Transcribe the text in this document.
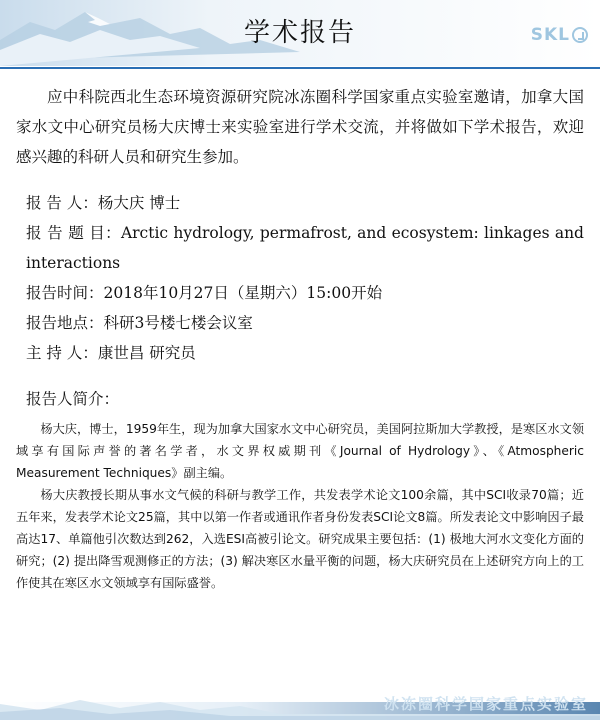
学术报告	SKL

应中科院西北生态环境资源研究院冰冻圈科学国家重点实验室邀请，加拿大国家水文中心研究员杨大庆博士来实验室进行学术交流，并将做如下学术报告，欢迎感兴趣的科研人员和研究生参加。

报 告 人：杨大庆 博士
报 告 题 目：Arctic hydrology, permafrost, and ecosystem: linkages and interactions
报告时间：2018年10月27日（星期六）15:00开始
报告地点：科研3号楼七楼会议室
主 持 人：康世昌 研究员
报告人简介：

杨大庆，博士，1959年生，现为加拿大国家水文中心研究员，美国阿拉斯加大学教授，是寒区水文领域享有国际声誉的著名学者，水文界权威期刊《Journal of Hydrology》、《Atmospheric Measurement Techniques》副主编。

杨大庆教授长期从事水文气候的科研与教学工作，共发表学术论文100余篇，其中SCI收录70篇；近五年来，发表学术论文25篇，其中以第一作者或通讯作者身份发表SCI论文8篇。所发表论文中影响因子最高达17、单篇他引次数达到262，入选ESI高被引论文。研究成果主要包括：(1) 极地大河水文变化方面的研究；(2) 提出降雪观测修正的方法；(3) 解决寒区水量平衡的问题，杨大庆研究员在上述研究方向上的工作使其在寒区水文领域享有国际盛誉。

冰冻圈科学国家重点实验室
